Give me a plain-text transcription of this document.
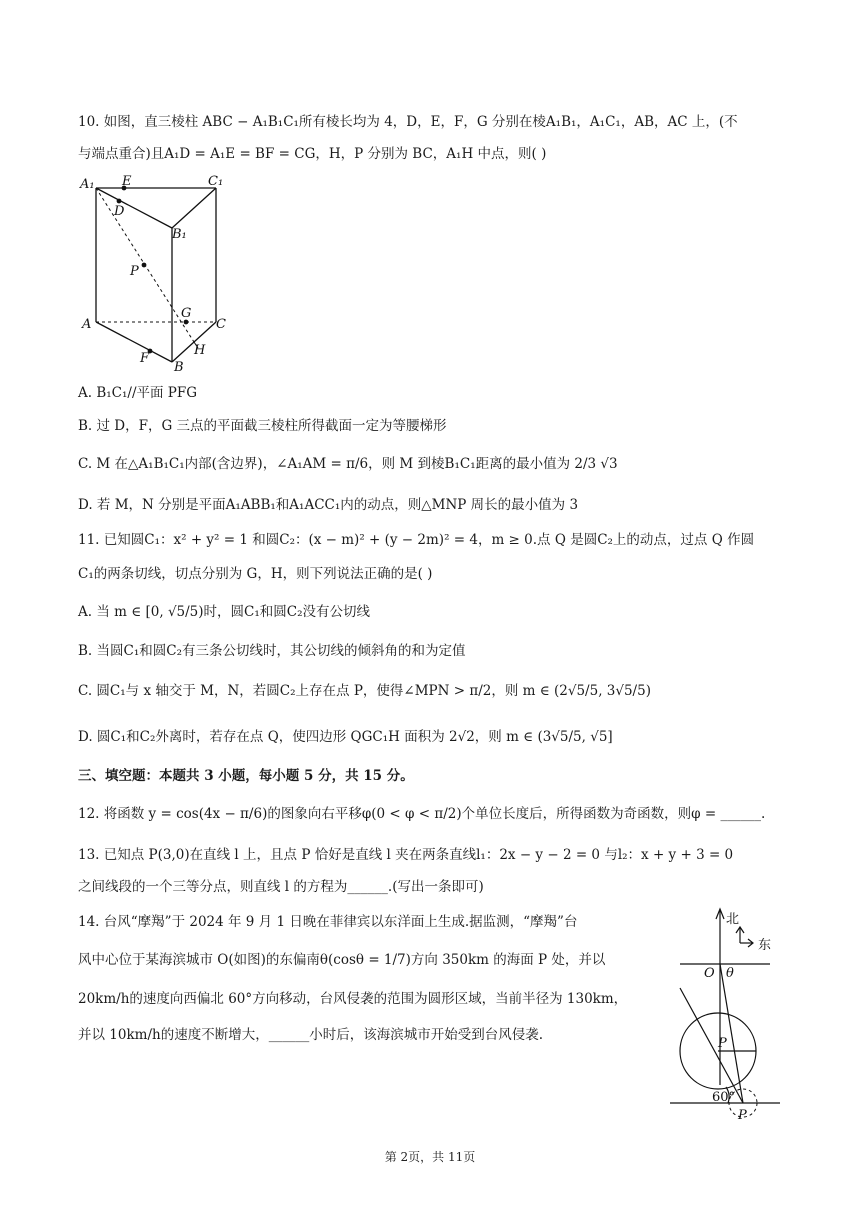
10. 如图，直三棱柱 ABC − A₁B₁C₁所有棱长均为 4，D，E，F，G 分别在棱A₁B₁，A₁C₁，AB，AC 上，(不
与端点重合)且A₁D = A₁E = BF = CG，H，P 分别为 BC，A₁H 中点，则( )
A₁ E	C₁
D
B₁
P
G
A	C
F
H
B
A. B₁C₁//平面 PFG
B. 过 D，F，G 三点的平面截三棱柱所得截面一定为等腰梯形
C. M 在△A₁B₁C₁内部(含边界)，∠A₁AM = π/6，则 M 到棱B₁C₁距离的最小值为 2/3 √3
D. 若 M，N 分别是平面A₁ABB₁和A₁ACC₁内的动点，则△MNP 周长的最小值为 3
11. 已知圆C₁：x² + y² = 1 和圆C₂：(x − m)² + (y − 2m)² = 4，m ≥ 0.点 Q 是圆C₂上的动点，过点 Q 作圆
C₁的两条切线，切点分别为 G，H，则下列说法正确的是( )
A. 当 m ∈ [0, √5/5)时，圆C₁和圆C₂没有公切线
B. 当圆C₁和圆C₂有三条公切线时，其公切线的倾斜角的和为定值
C. 圆C₁与 x 轴交于 M，N，若圆C₂上存在点 P，使得∠MPN > π/2，则 m ∈ (2√5/5, 3√5/5)
D. 圆C₁和C₂外离时，若存在点 Q，使四边形 QGC₁H 面积为 2√2，则 m ∈ (3√5/5, √5]
三、填空题：本题共 3 小题，每小题 5 分，共 15 分。
12. 将函数 y = cos(4x − π/6)的图象向右平移φ(0 < φ < π/2)个单位长度后，所得函数为奇函数，则φ = ______.
13. 已知点 P(3,0)在直线 l 上，且点 P 恰好是直线 l 夹在两条直线l₁：2x − y − 2 = 0 与l₂：x + y + 3 = 0
之间线段的一个三等分点，则直线 l 的方程为______.(写出一条即可)
14. 台风“摩羯”于 2024 年 9 月 1 日晚在菲律宾以东洋面上生成.据监测，“摩羯”台
风中心位于某海滨城市 O(如图)的东偏南θ(cosθ = 1/7)方向 350km 的海面 P 处，并以
20km/h的速度向西偏北 60°方向移动，台风侵袭的范围为圆形区域，当前半径为 130km，
并以 10km/h的速度不断增大，______小时后，该海滨城市开始受到台风侵袭.
北
东
O θ
P
60°
P
第 2页，共 11页
